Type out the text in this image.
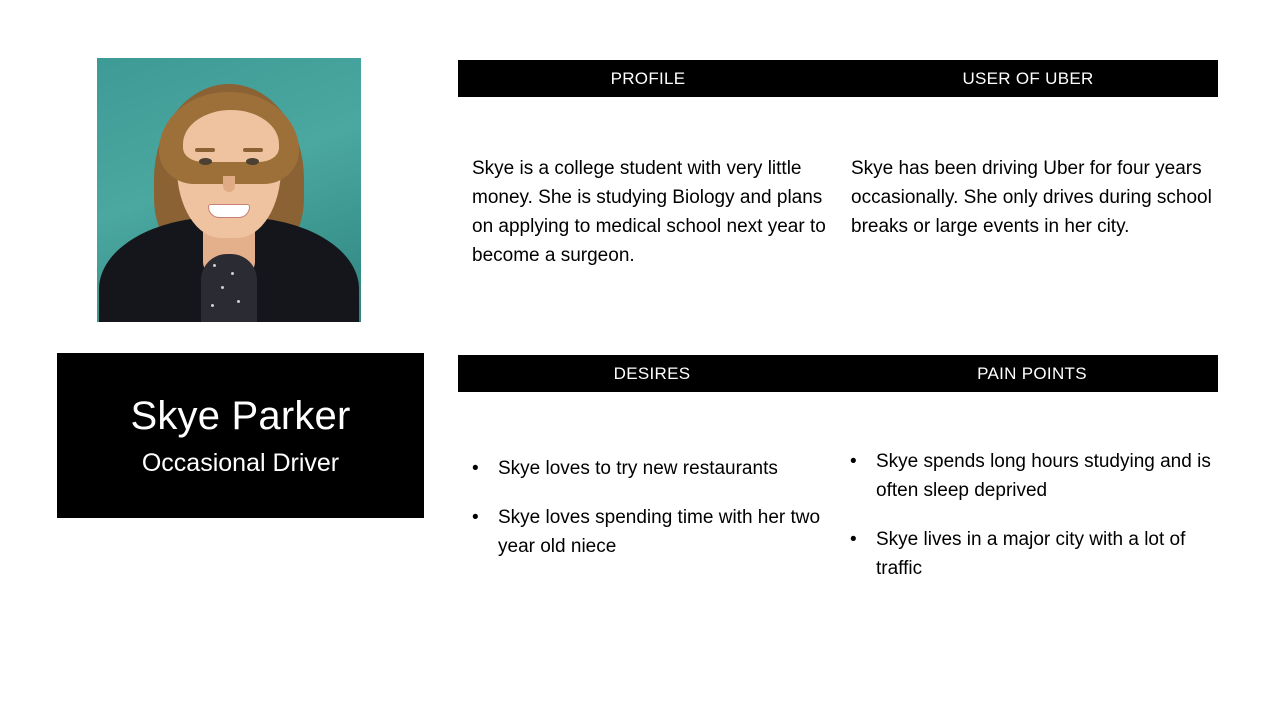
Skye Parker
Occasional Driver
PROFILE	USER OF UBER
DESIRES	PAIN POINTS
Skye is a college student with very little money. She is studying Biology and plans on applying to medical school next year to become a surgeon.
Skye has been driving Uber for four years occasionally. She only drives during school breaks or large events in her city.
• Skye loves to try new restaurants
• Skye loves spending time with her two year old niece
• Skye spends long hours studying and is often sleep deprived
• Skye lives in a major city with a lot of traffic
